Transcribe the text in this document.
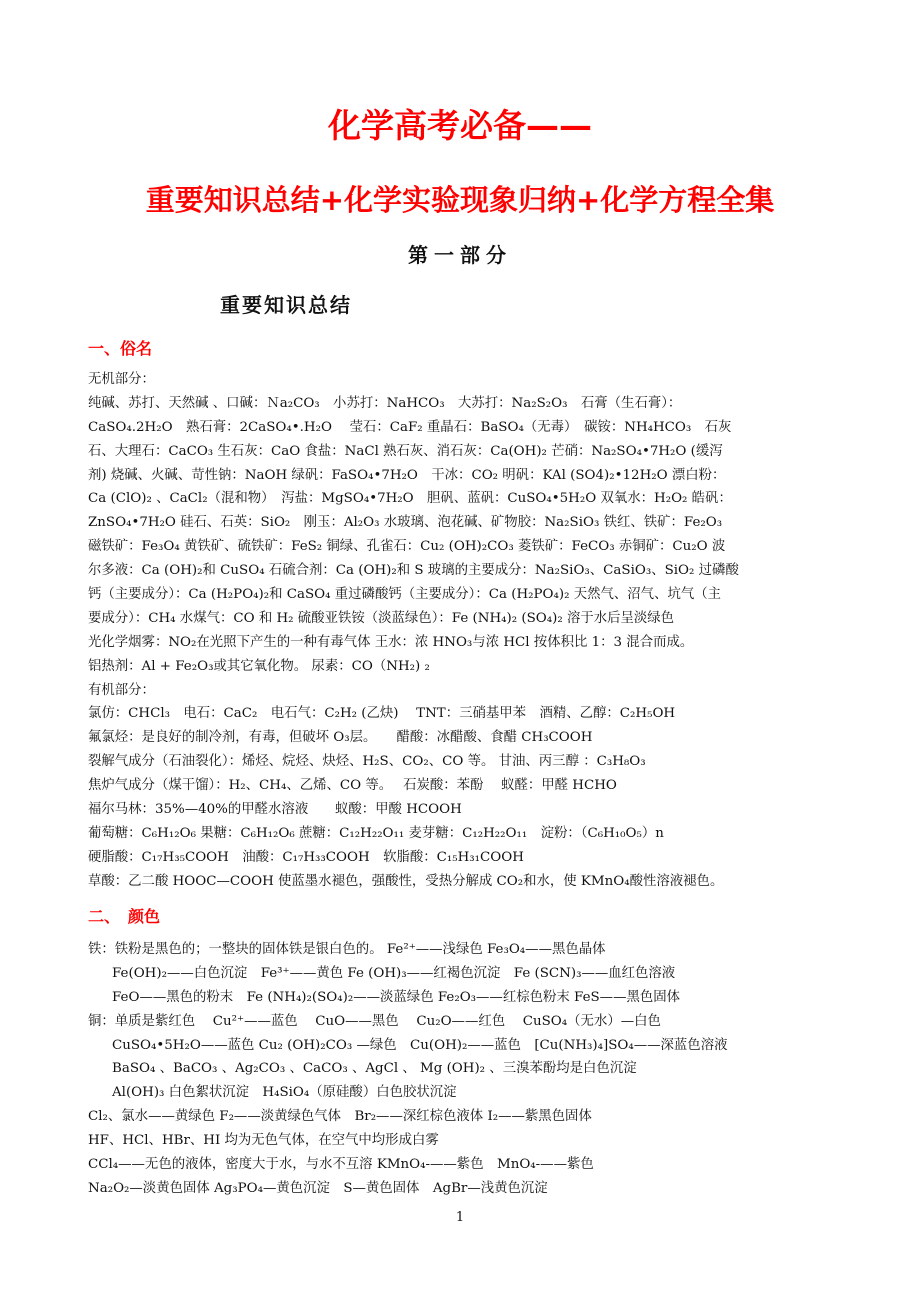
化学高考必备——
重要知识总结+化学实验现象归纳+化学方程全集
第一部分
重要知识总结
一、俗名
无机部分：
纯碱、苏打、天然碱 、口碱：Ｎa₂CO₃　小苏打：NaHCO₃　大苏打：Na₂S₂O₃　石膏（生石膏）：
CaSO₄.2H₂O　熟石膏：2CaSO₄•.H₂O　 莹石：CaF₂ 重晶石：BaSO₄（无毒）　碳铵：NH₄HCO₃　石灰
石、大理石：CaCO₃ 生石灰：CaO 食盐：NaCl 熟石灰、消石灰：Ca(OH)₂ 芒硝：Na₂SO₄•7H₂O (缓泻
剂) 烧碱、火碱、苛性钠：NaOH 绿矾：FaSO₄•7H₂O　干冰：CO₂ 明矾：KAl (SO4)₂•12H₂O 漂白粉：
Ca (ClO)₂ 、CaCl₂（混和物）　泻盐：MgSO₄•7H₂O　胆矾、蓝矾：CuSO₄•5H₂O 双氧水：H₂O₂ 皓矾：
ZnSO₄•7H₂O 硅石、石英：SiO₂　刚玉：Al₂O₃ 水玻璃、泡花碱、矿物胶：Na₂SiO₃ 铁红、铁矿：Fe₂O₃
磁铁矿：Fe₃O₄ 黄铁矿、硫铁矿：FeS₂ 铜绿、孔雀石：Cu₂ (OH)₂CO₃ 菱铁矿：FeCO₃ 赤铜矿：Cu₂O 波
尔多液：Ca (OH)₂和 CuSO₄ 石硫合剂：Ca (OH)₂和 S 玻璃的主要成分：Na₂SiO₃、CaSiO₃、SiO₂ 过磷酸
钙（主要成分）：Ca (H₂PO₄)₂和 CaSO₄ 重过磷酸钙（主要成分）：Ca (H₂PO₄)₂ 天然气、沼气、坑气（主
要成分）：CH₄ 水煤气：CO 和 H₂ 硫酸亚铁铵（淡蓝绿色）：Fe (NH₄)₂ (SO₄)₂ 溶于水后呈淡绿色
光化学烟雾：NO₂在光照下产生的一种有毒气体 王水：浓 HNO₃与浓 HCl 按体积比 1：3 混合而成。
铝热剂：Al + Fe₂O₃或其它氧化物。 尿素：CO（NH₂) ₂
有机部分：
氯仿：CHCl₃　电石：CaC₂　电石气：C₂H₂ (乙炔)　 TNT：三硝基甲苯　酒精、乙醇：C₂H₅OH
氟氯烃：是良好的制冷剂，有毒，但破坏 O₃层。　　醋酸：冰醋酸、食醋 CH₃COOH
裂解气成分（石油裂化）：烯烃、烷烃、炔烃、H₂S、CO₂、CO 等。 甘油、丙三醇 ：C₃H₈O₃
焦炉气成分（煤干馏）：H₂、CH₄、乙烯、CO 等。　 石炭酸：苯酚　 蚁醛：甲醛 HCHO
福尔马林：35%—40%的甲醛水溶液　　蚁酸：甲酸 HCOOH
葡萄糖：C₆H₁₂O₆ 果糖：C₆H₁₂O₆ 蔗糖：C₁₂H₂₂O₁₁ 麦芽糖：C₁₂H₂₂O₁₁　淀粉：（C₆H₁₀O₅）n
硬脂酸：C₁₇H₃₅COOH　油酸：C₁₇H₃₃COOH　软脂酸：C₁₅H₃₁COOH
草酸：乙二酸 HOOC—COOH 使蓝墨水褪色，强酸性，受热分解成 CO₂和水，使 KMnO₄酸性溶液褪色。
二、　颜色
铁：铁粉是黑色的；一整块的固体铁是银白色的。 Fe²⁺——浅绿色 Fe₃O₄——黑色晶体
Fe(OH)₂——白色沉淀　Fe³⁺——黄色 Fe (OH)₃——红褐色沉淀　Fe (SCN)₃——血红色溶液
FeO——黑色的粉末　Fe (NH₄)₂(SO₄)₂——淡蓝绿色 Fe₂O₃——红棕色粉末 FeS——黑色固体
铜：单质是紫红色　 Cu²⁺——蓝色　 CuO——黑色　 Cu₂O——红色　 CuSO₄（无水）—白色
CuSO₄•5H₂O——蓝色 Cu₂ (OH)₂CO₃ —绿色　Cu(OH)₂——蓝色　[Cu(NH₃)₄]SO₄——深蓝色溶液
BaSO₄ 、BaCO₃ 、Ag₂CO₃ 、CaCO₃ 、AgCl 、 Mg (OH)₂ 、三溴苯酚均是白色沉淀
Al(OH)₃ 白色絮状沉淀　H₄SiO₄（原硅酸）白色胶状沉淀
Cl₂、氯水——黄绿色 F₂——淡黄绿色气体　Br₂——深红棕色液体 I₂——紫黑色固体
HF、HCl、HBr、HI 均为无色气体，在空气中均形成白雾
CCl₄——无色的液体，密度大于水，与水不互溶 KMnO₄-——紫色　MnO₄-——紫色
Na₂O₂—淡黄色固体 Ag₃PO₄—黄色沉淀　S—黄色固体　AgBr—浅黄色沉淀
1
